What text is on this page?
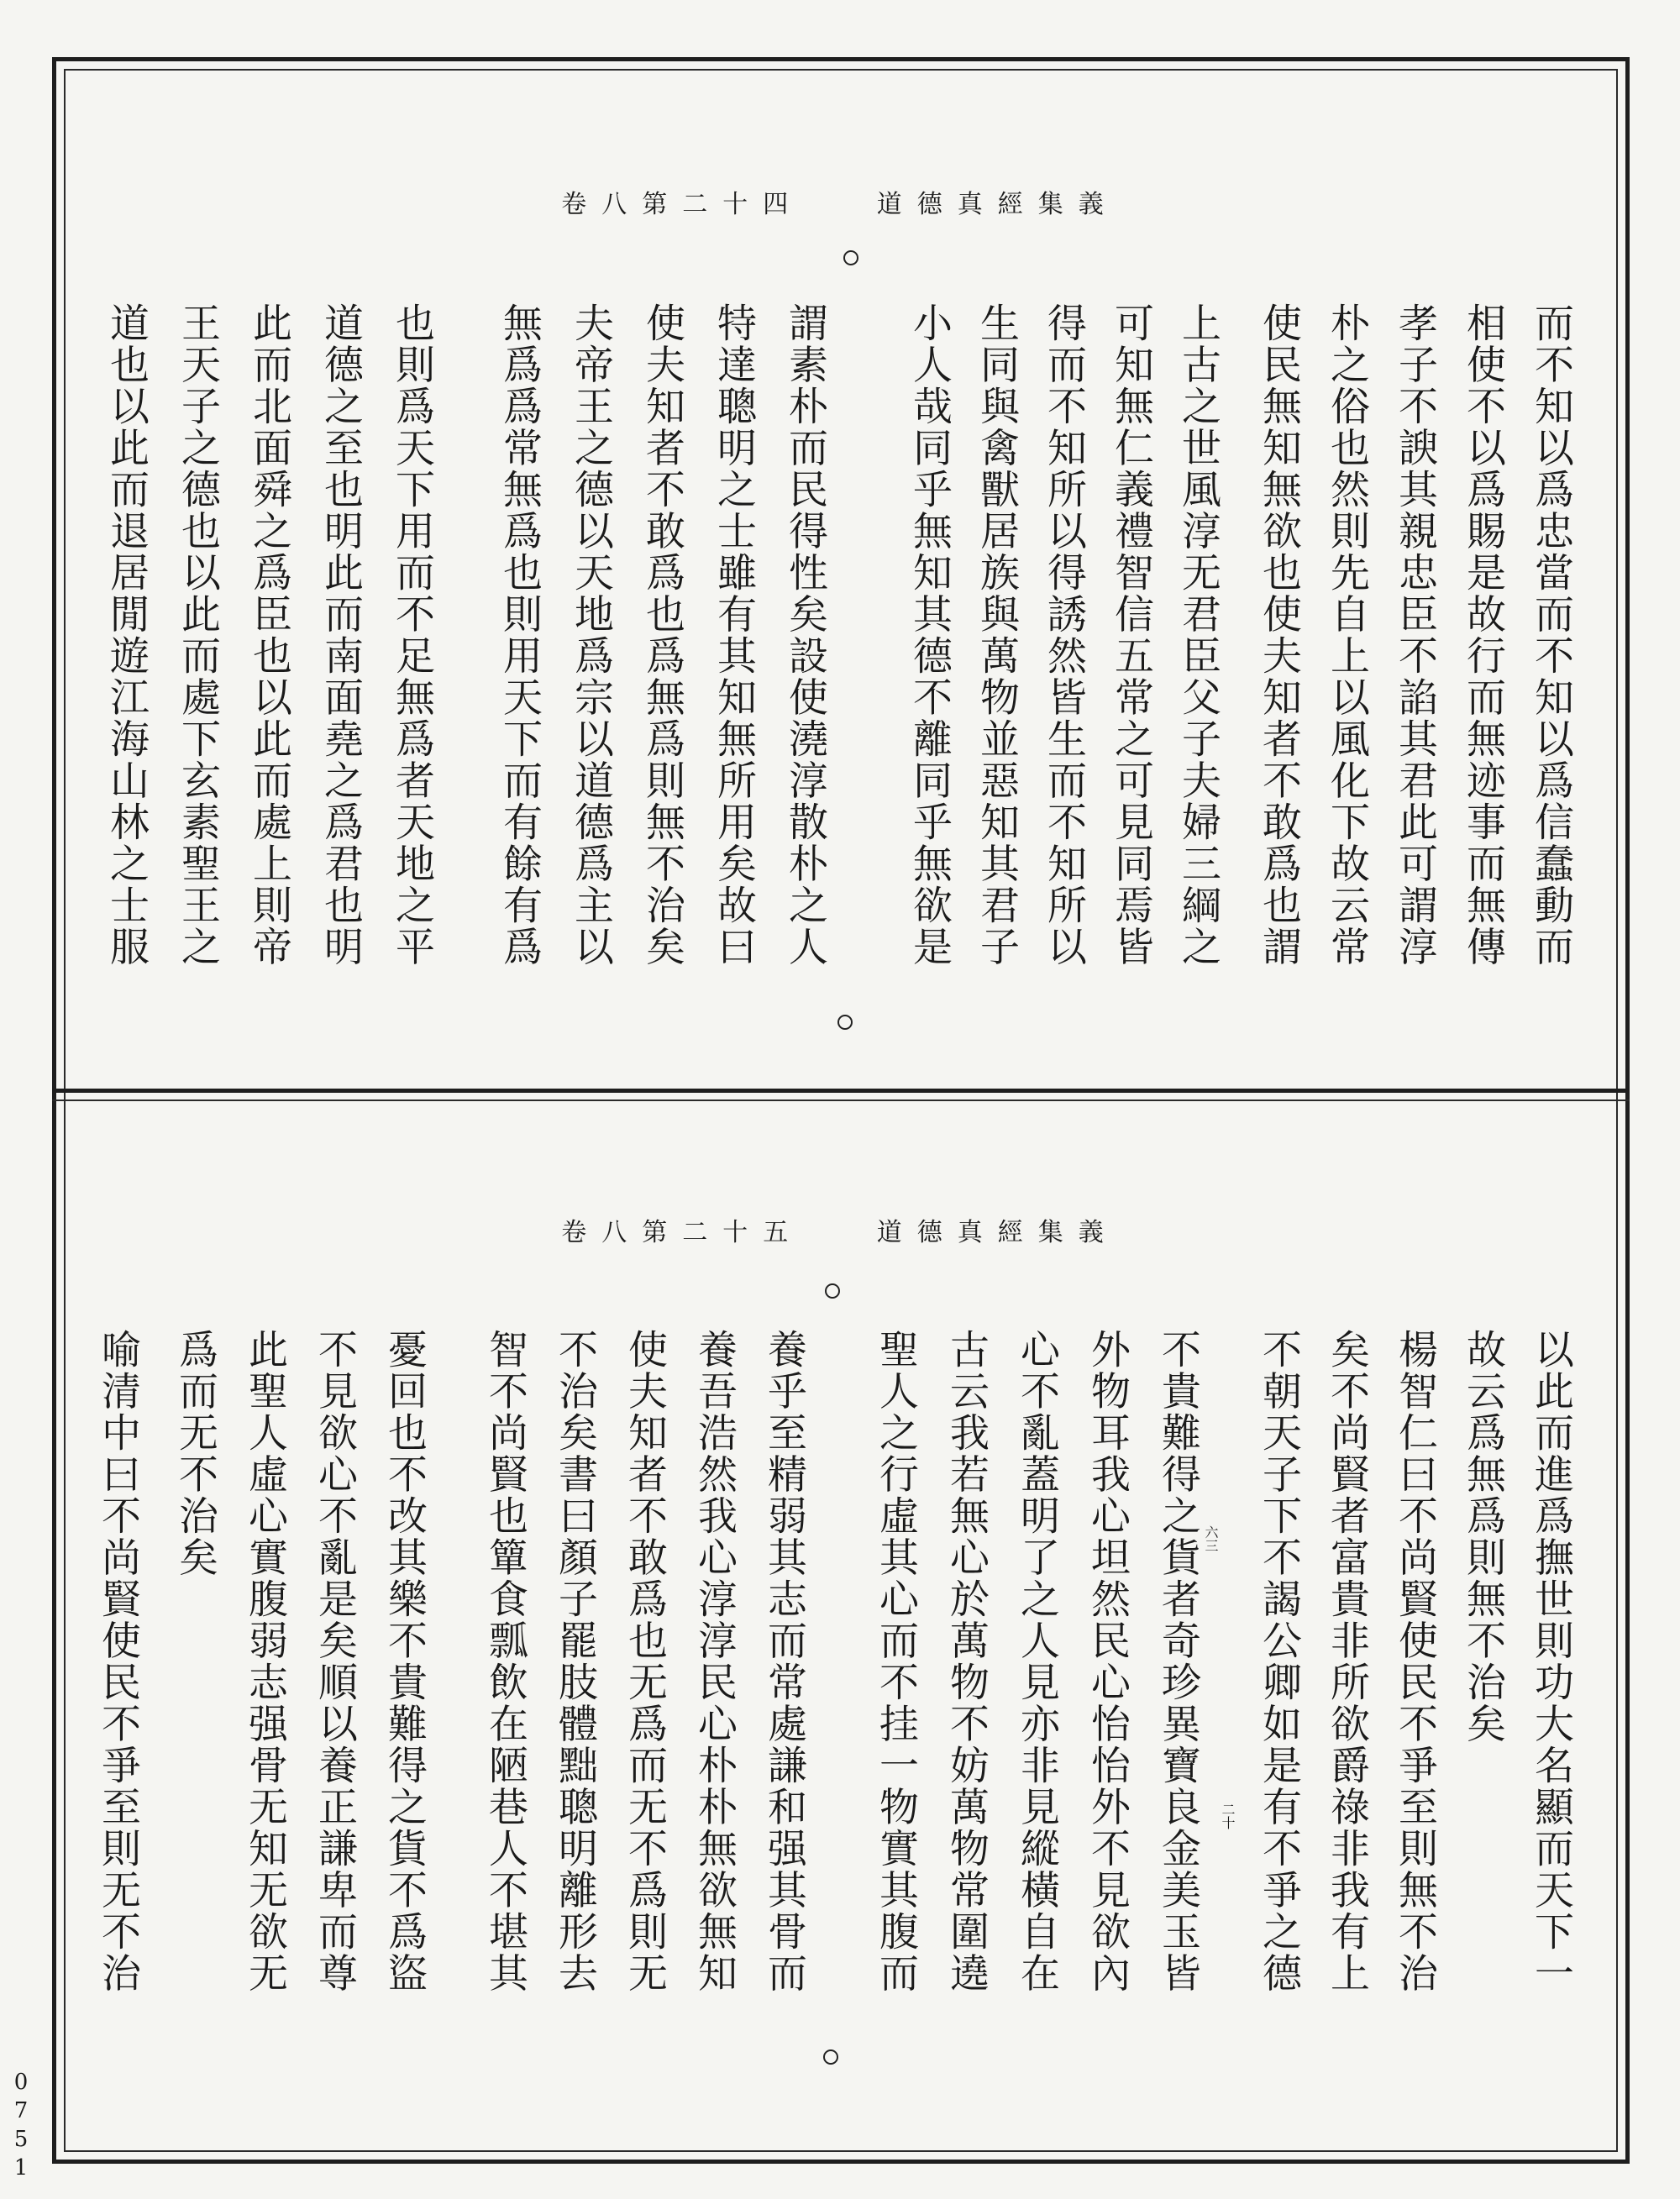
卷八第二十四	道德真經集義
而不知以爲忠當而不知以爲信蠢動而
相使不以爲賜是故行而無迹事而無傳
孝子不諛其親忠臣不諂其君此可謂淳
朴之俗也然則先自上以風化下故云常
使民無知無欲也使夫知者不敢爲也謂
上古之世風淳无君臣父子夫婦三綱之
可知無仁義禮智信五常之可見同焉皆
得而不知所以得誘然皆生而不知所以
生同與禽獸居族與萬物並惡知其君子
小人哉同乎無知其德不離同乎無欲是
謂素朴而民得性矣設使澆淳散朴之人
特達聰明之士雖有其知無所用矣故曰
使夫知者不敢爲也爲無爲則無不治矣
夫帝王之德以天地爲宗以道德爲主以
無爲爲常無爲也則用天下而有餘有爲
也則爲天下用而不足無爲者天地之平
道德之至也明此而南面堯之爲君也明
此而北面舜之爲臣也以此而處上則帝
王天子之德也以此而處下玄素聖王之
道也以此而退居閒遊江海山林之士服
卷八第二十五	道德真經集義
以此而進爲撫世則功大名顯而天下一
故云爲無爲則無不治矣
楊智仁曰不尚賢使民不爭至則無不治
矣不尚賢者富貴非所欲爵祿非我有上
不朝天子下不謁公卿如是有不爭之德
不貴難得之貨者奇珍異寶良金美玉皆
外物耳我心坦然民心怡怡外不見欲內
心不亂蓋明了之人見亦非見縱橫自在
古云我若無心於萬物不妨萬物常圍遶
聖人之行虛其心而不挂一物實其腹而
養乎至精弱其志而常處謙和强其骨而
養吾浩然我心淳淳民心朴朴無欲無知
使夫知者不敢爲也无爲而无不爲則无
不治矣書曰顏子罷肢體黜聰明離形去
智不尚賢也簞食瓢飲在陋巷人不堪其
憂回也不改其樂不貴難得之貨不爲盜
不見欲心不亂是矣順以養正謙卑而尊
此聖人虛心實腹弱志强骨无知无欲无
爲而无不治矣
喻清中曰不尚賢使民不爭至則无不治	六三
二十
0751
